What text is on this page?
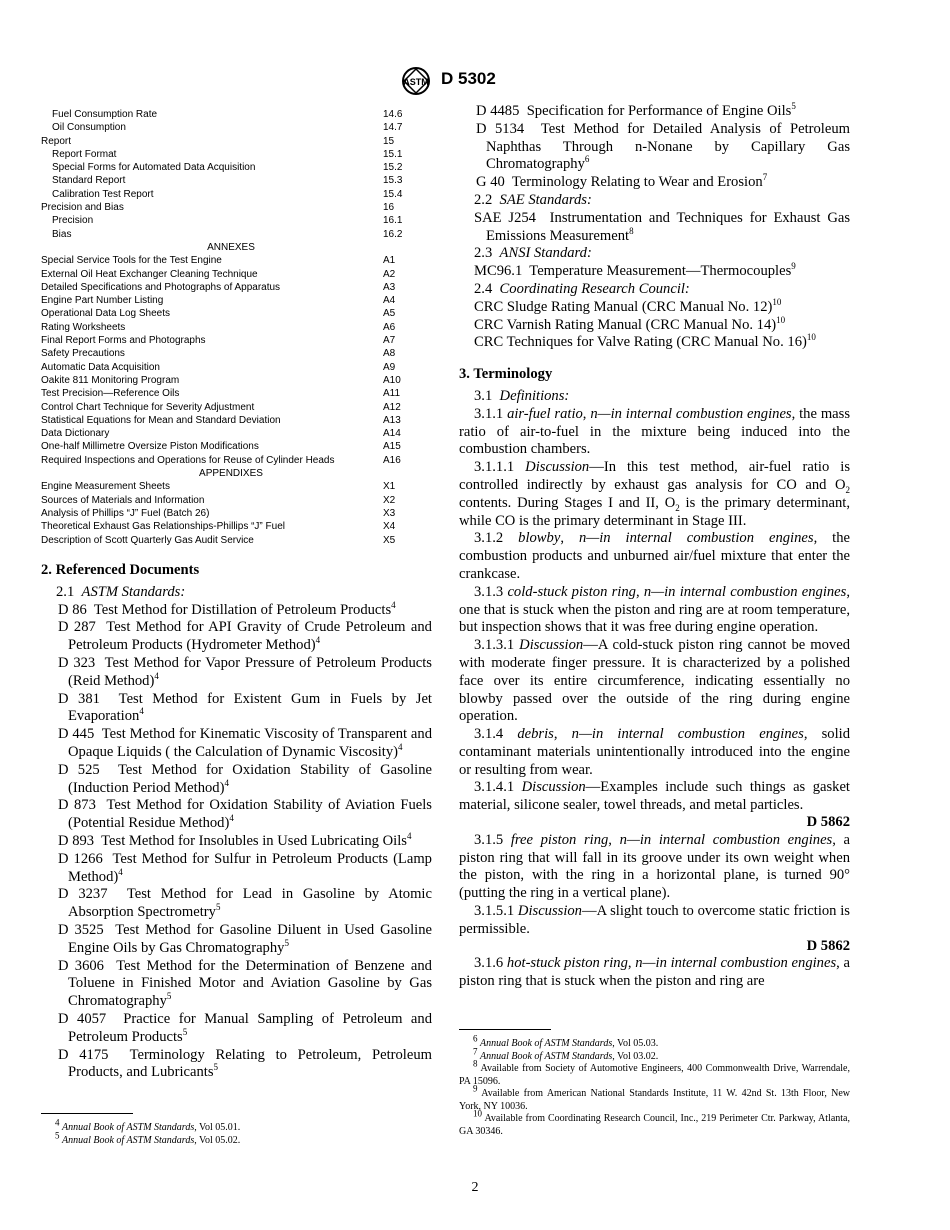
ASTM D 5302
Fuel Consumption Rate	14.6
Oil Consumption	14.7
Report	15
Report Format	15.1
Special Forms for Automated Data Acquisition	15.2
Standard Report	15.3
Calibration Test Report	15.4
Precision and Bias	16
Precision	16.1
Bias	16.2
ANNEXES
Special Service Tools for the Test Engine	A1
External Oil Heat Exchanger Cleaning Technique	A2
Detailed Specifications and Photographs of Apparatus	A3
Engine Part Number Listing	A4
Operational Data Log Sheets	A5
Rating Worksheets	A6
Final Report Forms and Photographs	A7
Safety Precautions	A8
Automatic Data Acquisition	A9
Oakite 811 Monitoring Program	A10
Test Precision—Reference Oils	A11
Control Chart Technique for Severity Adjustment	A12
Statistical Equations for Mean and Standard Deviation	A13
Data Dictionary	A14
One-half Millimetre Oversize Piston Modifications	A15
Required Inspections and Operations for Reuse of Cylinder Heads	A16
APPENDIXES
Engine Measurement Sheets	X1
Sources of Materials and Information	X2
Analysis of Phillips “J” Fuel (Batch 26)	X3
Theoretical Exhaust Gas Relationships-Phillips “J” Fuel	X4
Description of Scott Quarterly Gas Audit Service	X5
2. Referenced Documents
2.1 ASTM Standards:
D 86 Test Method for Distillation of Petroleum Products$^4$
D 287 Test Method for API Gravity of Crude Petroleum and Petroleum Products (Hydrometer Method)$^4$
D 323 Test Method for Vapor Pressure of Petroleum Products (Reid Method)$^4$
D 381 Test Method for Existent Gum in Fuels by Jet Evaporation$^4$
D 445 Test Method for Kinematic Viscosity of Transparent and Opaque Liquids ( the Calculation of Dynamic Viscosity)$^4$
D 525 Test Method for Oxidation Stability of Gasoline (Induction Period Method)$^4$
D 873 Test Method for Oxidation Stability of Aviation Fuels (Potential Residue Method)$^4$
D 893 Test Method for Insolubles in Used Lubricating Oils$^4$
D 1266 Test Method for Sulfur in Petroleum Products (Lamp Method)$^4$
D 3237 Test Method for Lead in Gasoline by Atomic Absorption Spectrometry$^5$
D 3525 Test Method for Gasoline Diluent in Used Gasoline Engine Oils by Gas Chromatography$^5$
D 3606 Test Method for the Determination of Benzene and Toluene in Finished Motor and Aviation Gasoline by Gas Chromatography$^5$
D 4057 Practice for Manual Sampling of Petroleum and Petroleum Products$^5$
D 4175 Terminology Relating to Petroleum, Petroleum Products, and Lubricants$^5$

$^4$ Annual Book of ASTM Standards, Vol 05.01.

$^5$ Annual Book of ASTM Standards, Vol 05.02.

D 4485 Specification for Performance of Engine Oils$^5$
D 5134 Test Method for Detailed Analysis of Petroleum Naphthas Through n-Nonane by Capillary Gas Chromatography$^6$
G 40 Terminology Relating to Wear and Erosion$^7$
2.2 SAE Standards:
SAE J254 Instrumentation and Techniques for Exhaust Gas Emissions Measurement$^8$
2.3 ANSI Standard:
MC96.1 Temperature Measurement—Thermocouples$^9$
2.4 Coordinating Research Council:
CRC Sludge Rating Manual (CRC Manual No. 12)$^{10}$
CRC Varnish Rating Manual (CRC Manual No. 14)$^{10}$
CRC Techniques for Valve Rating (CRC Manual No. 16)$^{10}$
3. Terminology
3.1 Definitions:
3.1.1 air-fuel ratio, n—in internal combustion engines, the mass ratio of air-to-fuel in the mixture being induced into the combustion chambers.
3.1.1.1 Discussion—In this test method, air-fuel ratio is controlled indirectly by exhaust gas analysis for CO and $O_2$ contents. During Stages I and II, $O_2$ is the primary determinant, while CO is the primary determinant in Stage III.
3.1.2 blowby, n—in internal combustion engines, the combustion products and unburned air/fuel mixture that enter the crankcase.
3.1.3 cold-stuck piston ring, n—in internal combustion engines, one that is stuck when the piston and ring are at room temperature, but inspection shows that it was free during engine operation.
3.1.3.1 Discussion—A cold-stuck piston ring cannot be moved with moderate finger pressure. It is characterized by a polished face over its entire circumference, indicating essentially no blowby passed over the outside of the ring during engine operation.
3.1.4 debris, n—in internal combustion engines, solid contaminant materials unintentionally introduced into the engine or resulting from wear.
3.1.4.1 Discussion—Examples include such things as gasket material, silicone sealer, towel threads, and metal particles.
D 5862
3.1.5 free piston ring, n—in internal combustion engines, a piston ring that will fall in its groove under its own weight when the piston, with the ring in a horizontal plane, is turned 90° (putting the ring in a vertical plane).
3.1.5.1 Discussion—A slight touch to overcome static friction is permissible.
D 5862
3.1.6 hot-stuck piston ring, n—in internal combustion engines, a piston ring that is stuck when the piston and ring are

$^6$ Annual Book of ASTM Standards, Vol 05.03.

$^7$ Annual Book of ASTM Standards, Vol 03.02.

$^8$ Available from Society of Automotive Engineers, 400 Commonwealth Drive, Warrendale, PA 15096.

$^9$ Available from American National Standards Institute, 11 W. 42nd St. 13th Floor, New York, NY 10036.

$^{10}$ Available from Coordinating Research Council, Inc., 219 Perimeter Ctr. Parkway, Atlanta, GA 30346.

2
